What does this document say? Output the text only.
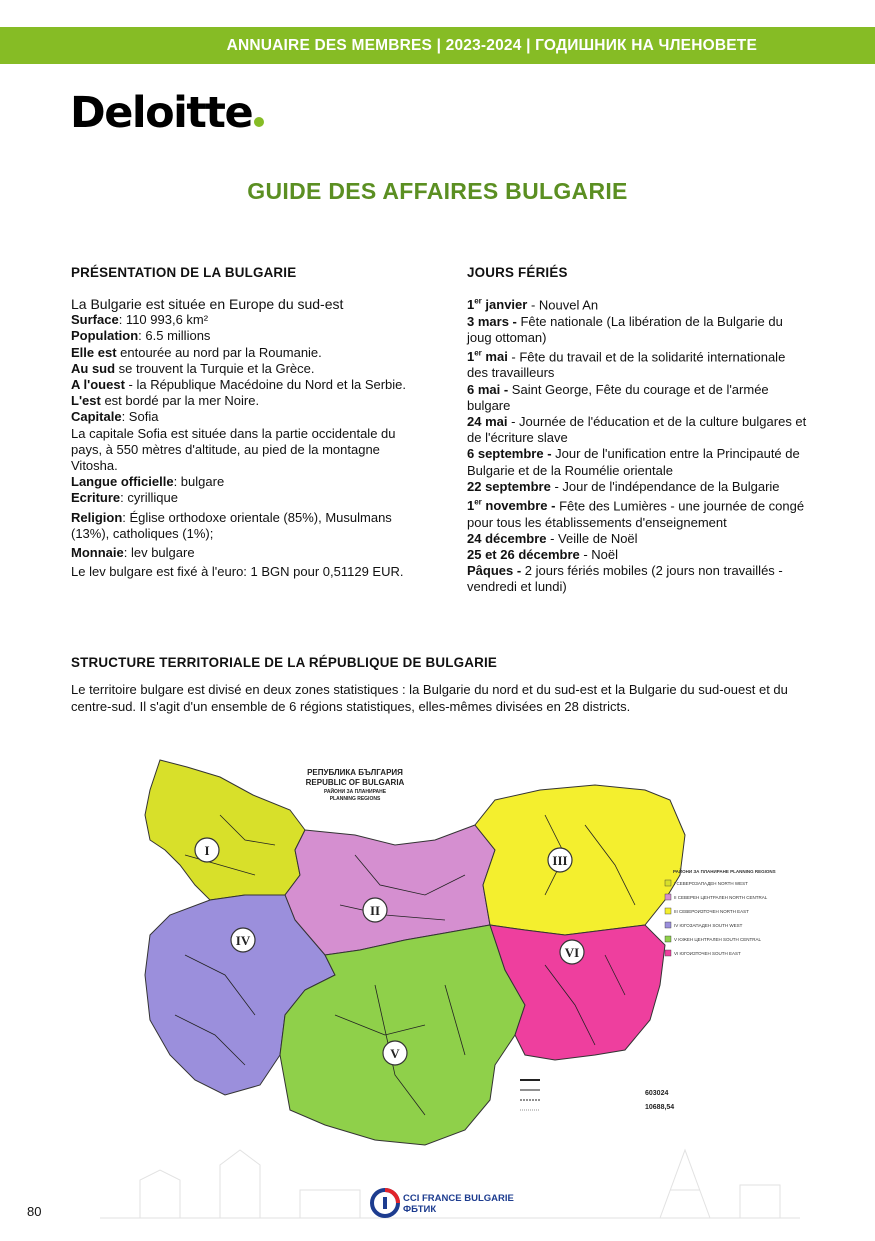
ANNUAIRE DES MEMBRES | 2023-2024 | ГОДИШНИК НА ЧЛЕНОВЕТЕ
Deloitte
GUIDE DES AFFAIRES BULGARIE
PRÉSENTATION DE LA BULGARIE

La Bulgarie est située en Europe du sud-est

Surface: 110 993,6 km²

Population: 6.5 millions

Elle est entourée au nord par la Roumanie.

Au sud se trouvent la Turquie et la Grèce.

A l'ouest - la République Macédoine du Nord et la Serbie.

L'est est bordé par la mer Noire.

Capitale: Sofia

La capitale Sofia est située dans la partie occidentale du pays, à 550 mètres d'altitude, au pied de la montagne Vitosha.

Langue officielle: bulgare

Ecriture: cyrillique

Religion: Église orthodoxe orientale (85%), Musulmans (13%), catholiques (1%);

Monnaie: lev bulgare

Le lev bulgare est fixé à l'euro: 1 BGN pour 0,51129 EUR.

JOURS FÉRIÉS

1er janvier - Nouvel An

3 mars - Fête nationale (La libération de la Bulgarie du joug ottoman)

1er mai - Fête du travail et de la solidarité internationale des travailleurs

6 mai - Saint George, Fête du courage et de l'armée bulgare

24 mai - Journée de l'éducation et de la culture bulgares et de l'écriture slave

6 septembre - Jour de l'unification entre la Principauté de Bulgarie et de la Roumélie orientale

22 septembre - Jour de l'indépendance de la Bulgarie

1er novembre - Fête des Lumières - une journée de congé pour tous les établissements d'enseignement

24 décembre - Veille de Noël

25 et 26 décembre - Noël

Pâques - 2 jours fériés mobiles (2 jours non travaillés - vendredi et lundi)

STRUCTURE TERRITORIALE DE LA RÉPUBLIQUE DE BULGARIE
Le territoire bulgare est divisé en deux zones statistiques : la Bulgarie du nord et du sud-est et la Bulgarie du sud-ouest et du centre-sud. Il s'agit d'un ensemble de 6 régions statistiques, elles-mêmes divisées en 28 districts.
I
II
III
IV
V
VI
РЕПУБЛИКА БЪЛГАРИЯ
REPUBLIC OF BULGARIA
РАЙОНИ ЗА ПЛАНИРАНЕ
PLANNING REGIONS
РАЙОНИ ЗА ПЛАНИРАНЕ PLANNING REGIONS
I СЕВЕРОЗАПАДЕН NORTH WEST
II СЕВЕРЕН ЦЕНТРАЛЕН NORTH CENTRAL
III СЕВЕРОИЗТОЧЕН NORTH EAST
IV ЮГОЗАПАДЕН SOUTH WEST
V ЮЖЕН ЦЕНТРАЛЕН SOUTH CENTRAL
VI ЮГОИЗТОЧЕН SOUTH EAST
603024
10688,54
80
CCI FRANCE BULGARIE
ФБТИК
